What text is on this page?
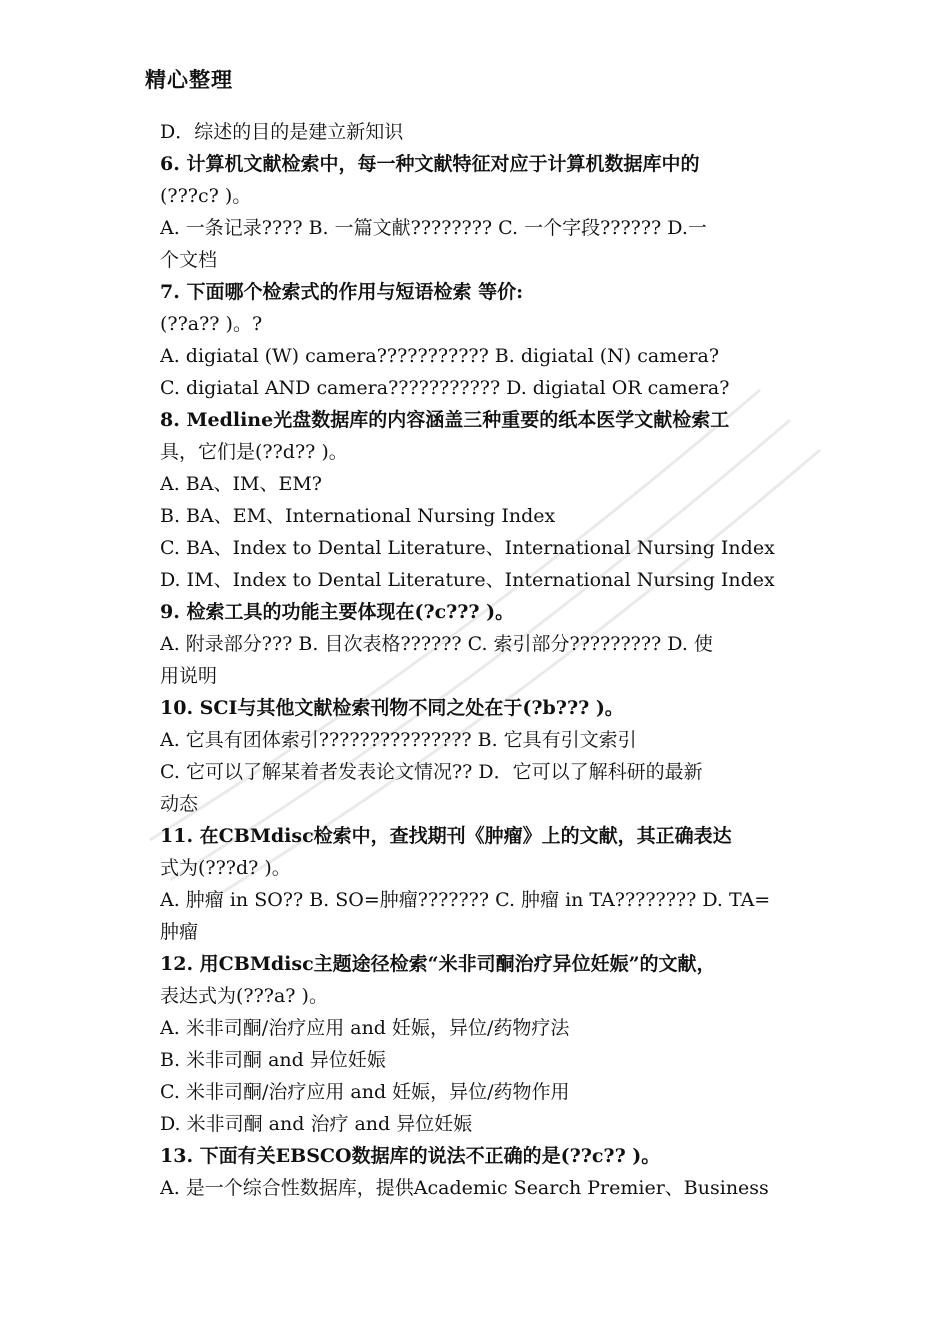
精心整理
D．综述的目的是建立新知识
6. 计算机文献检索中，每一种文献特征对应于计算机数据库中的
(???c? )。
A. 一条记录???? B. 一篇文献???????? C. 一个字段?????? D.一
个文档
7. 下面哪个检索式的作用与短语检索 等价:
(??a?? )。?
A. digiatal (W) camera??????????? B. digiatal (N) camera?
C. digiatal AND camera??????????? D. digiatal OR camera?
8. Medline光盘数据库的内容涵盖三种重要的纸本医学文献检索工
具，它们是(??d?? )。
A. BA、IM、EM?
B. BA、EM、International Nursing Index
C. BA、Index to Dental Literature、International Nursing Index
D. IM、Index to Dental Literature、International Nursing Index
9. 检索工具的功能主要体现在(?c??? )。
A. 附录部分??? B. 目次表格?????? C. 索引部分????????? D. 使
用说明
10. SCI与其他文献检索刊物不同之处在于(?b??? )。
A. 它具有团体索引??????????????? B. 它具有引文索引
C. 它可以了解某着者发表论文情况?? D．它可以了解科研的最新
动态
11. 在CBMdisc检索中，查找期刊《肿瘤》上的文献，其正确表达
式为(???d? )。
A. 肿瘤 in SO?? B. SO=肿瘤??????? C. 肿瘤 in TA???????? D. TA=
肿瘤
12. 用CBMdisc主题途径检索“米非司酮治疗异位妊娠”的文献，
表达式为(???a? )。
A. 米非司酮/治疗应用 and 妊娠，异位/药物疗法
B. 米非司酮 and 异位妊娠
C. 米非司酮/治疗应用 and 妊娠，异位/药物作用
D. 米非司酮 and 治疗 and 异位妊娠
13. 下面有关EBSCO数据库的说法不正确的是(??c?? )。
A. 是一个综合性数据库，提供Academic Search Premier、Business
